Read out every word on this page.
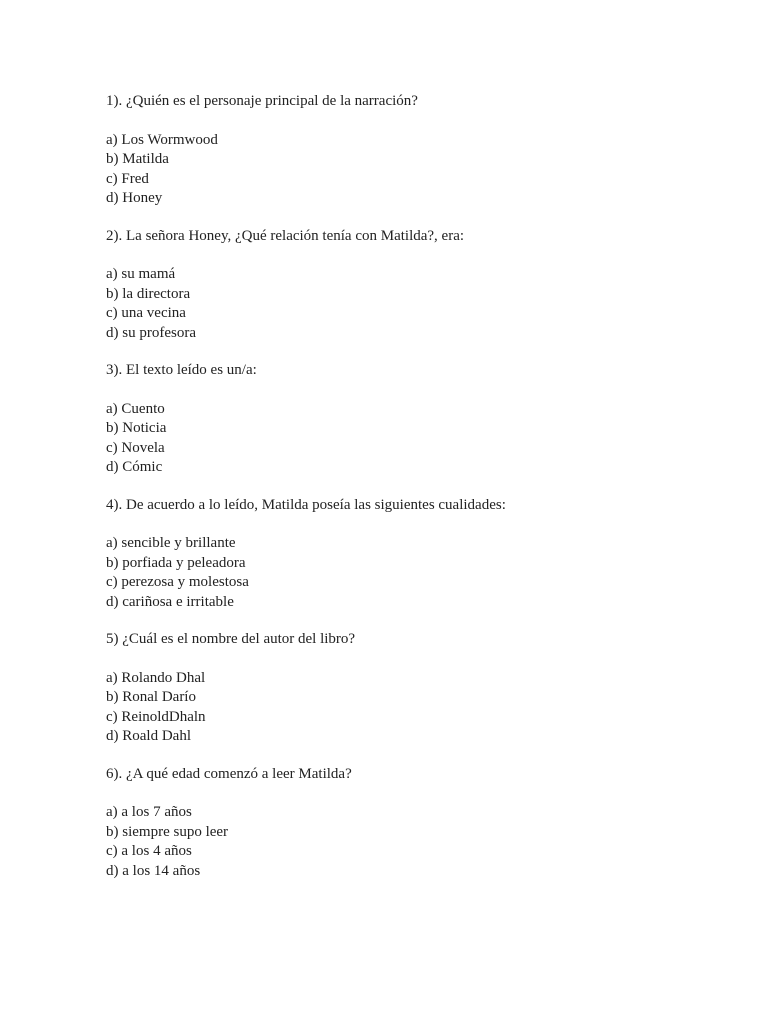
1). ¿Quién es el personaje principal de la narración?

a) Los Wormwood
b) Matilda
c) Fred
d) Honey

2). La señora Honey, ¿Qué relación tenía con Matilda?, era:

a) su mamá
b) la directora
c) una vecina
d) su profesora

3). El texto leído es un/a:

a) Cuento
b) Noticia
c) Novela
d) Cómic

4). De acuerdo a lo leído, Matilda poseía las siguientes cualidades:

a) sencible y brillante
b) porfiada y peleadora
c) perezosa y molestosa
d) cariñosa e irritable

5) ¿Cuál es el nombre del autor del libro?

a) Rolando Dhal
b) Ronal Darío
c) ReinoldDhaln
d) Roald Dahl

6). ¿A qué edad comenzó a leer Matilda?

a) a los 7 años
b) siempre supo leer
c) a los 4 años
d) a los 14 años
